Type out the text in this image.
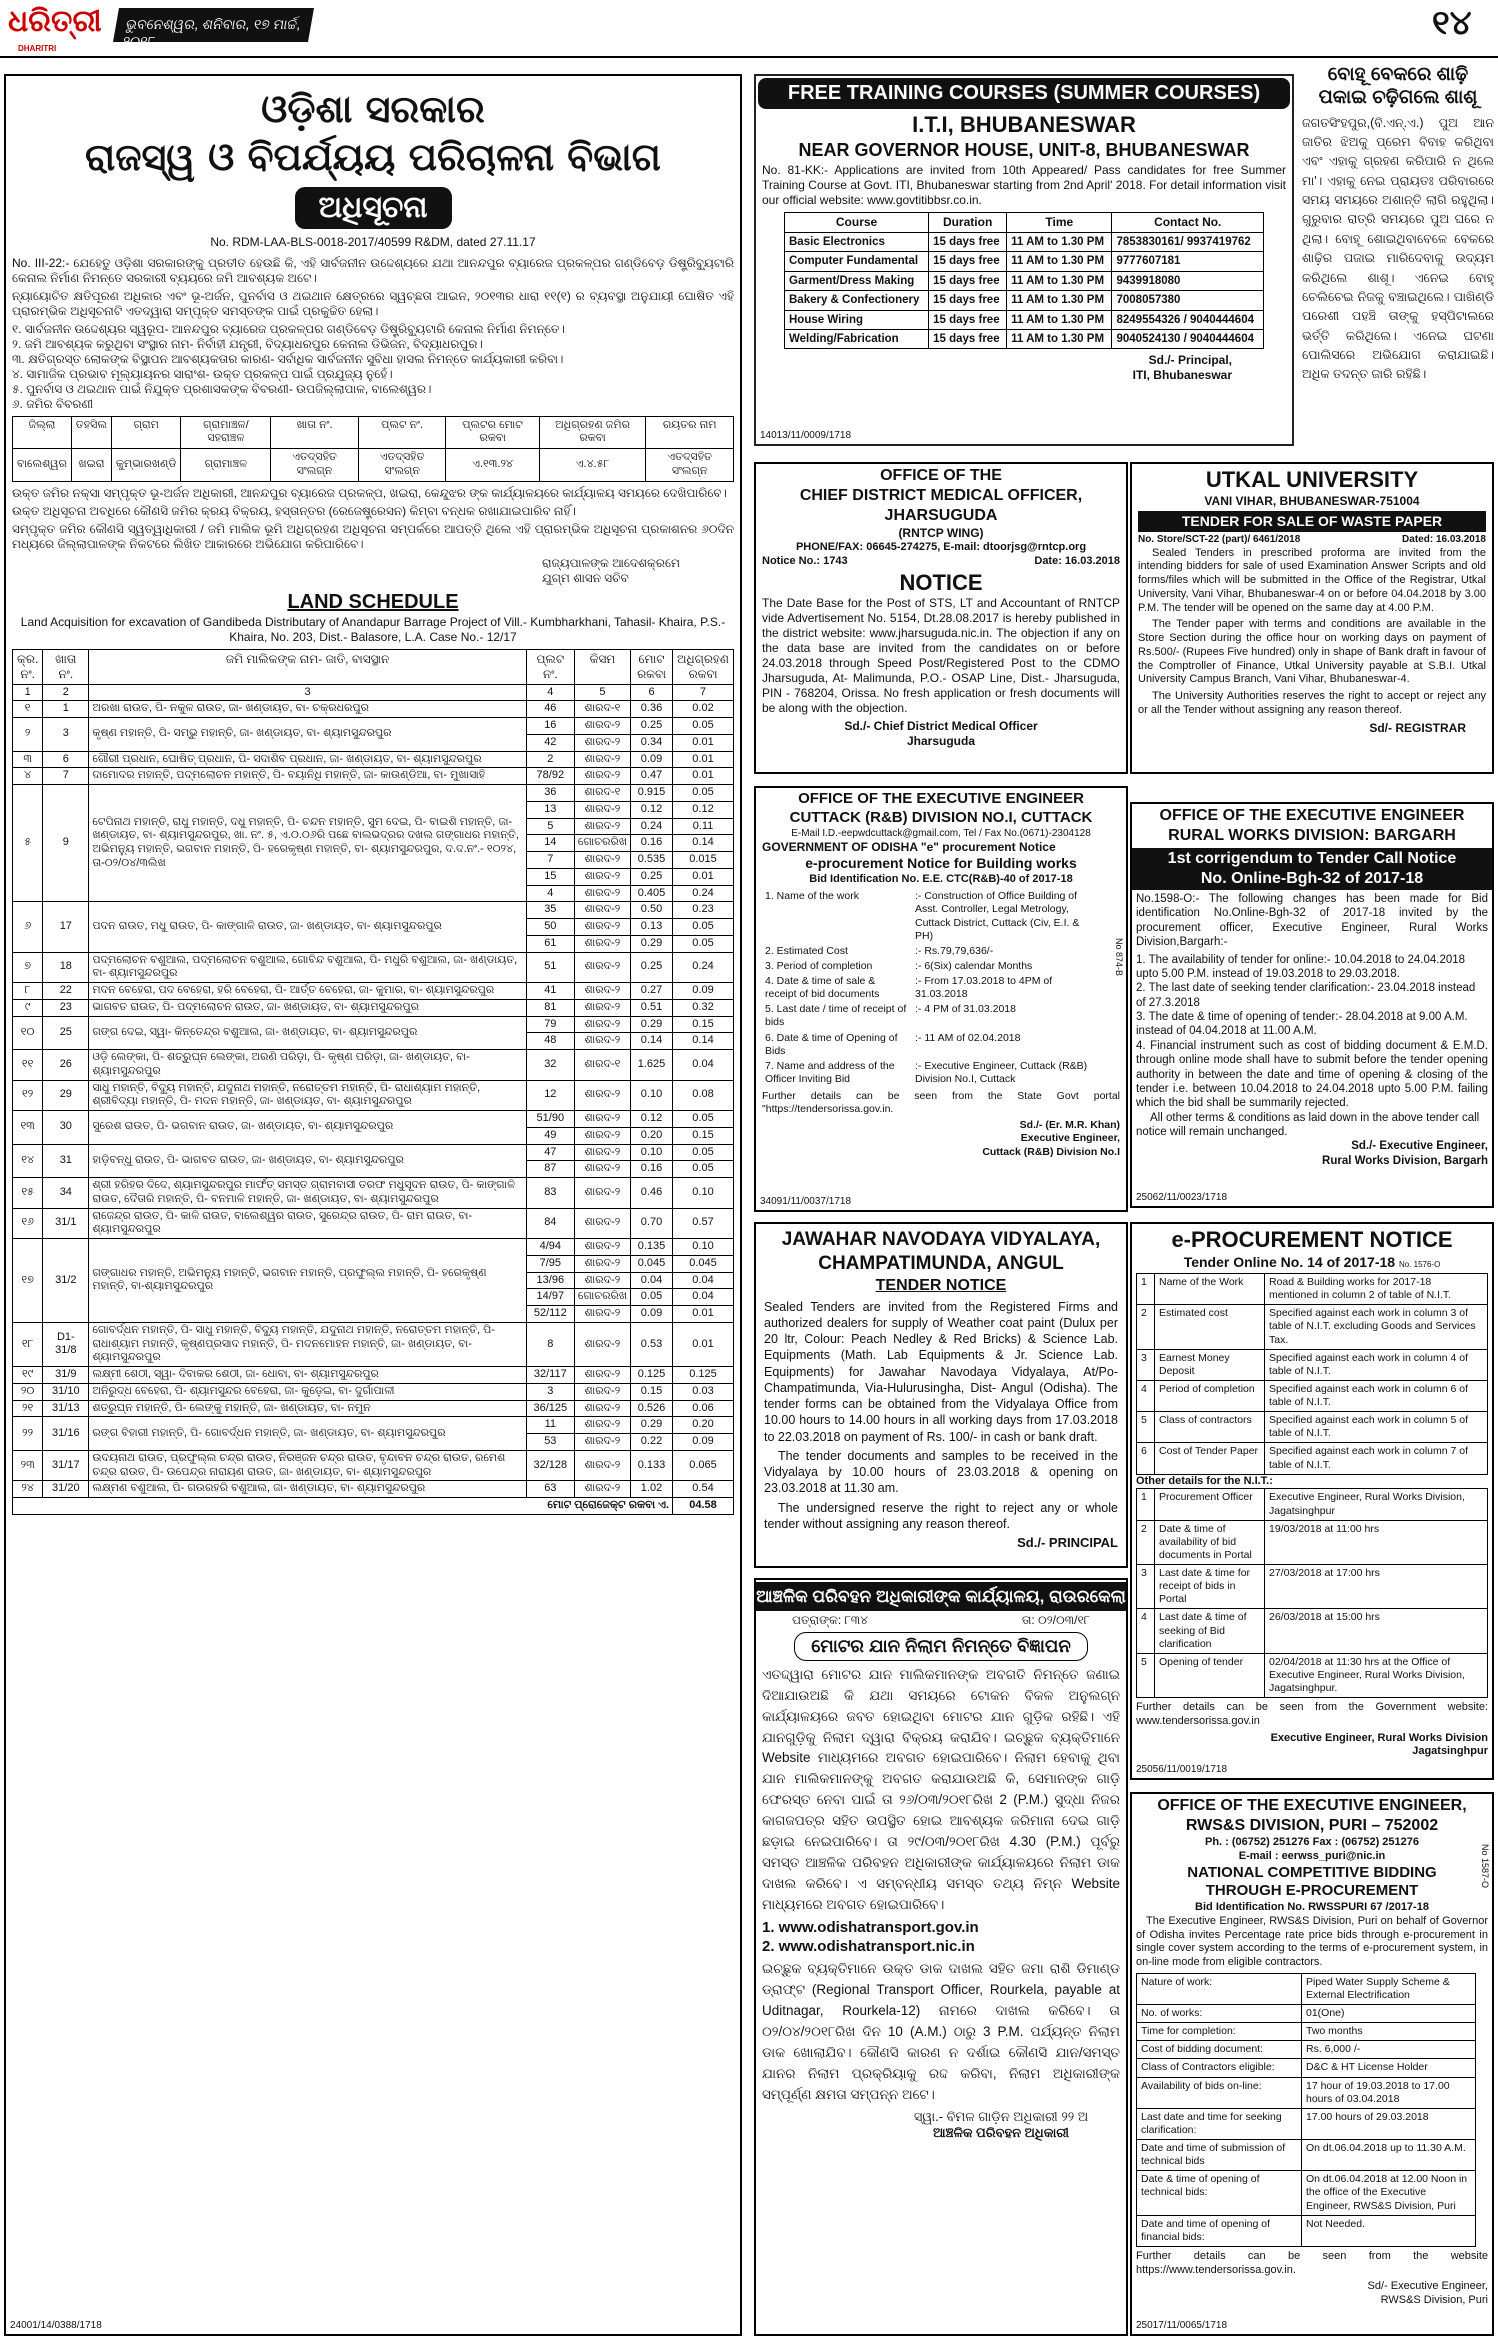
ଧରିତ୍ରୀ
DHARITRI
ଭୁବନେଶ୍ୱର, ଶନିବାର, ୧୭ ମାର୍ଚ୍ଚ, ୨୦୧୮	୧୪
ଓଡ଼ିଶା ସରକାର
ରାଜସ୍ୱ ଓ ବିପର୍ଯ୍ୟୟ ପରିଚାଳନା ବିଭାଗ
ଅଧିସୂଚନା
No. RDM-LAA-BLS-0018-2017/40599 R&DM, dated 27.11.17

No. III-22:- ଯେହେତୁ ଓଡ଼ିଶା ସରକାରଙ୍କୁ ପ୍ରତୀତ ହେଉଛି କି, ଏହି ସାର୍ବଜନୀନ ଉଦ୍ଦେଶ୍ୟରେ ଯଥା ଆନନ୍ଦପୁର ବ୍ୟାରେଜ ପ୍ରକଳ୍ପର ଗଣ୍ଡିବେଡ଼ ଡିଷ୍ଟ୍ରିବ୍ୟୁଟାରି କେନାଲ ନିର୍ମାଣ ନିମନ୍ତେ ସରକାରୀ ବ୍ୟୟରେ ଜମି ଆବଶ୍ୟକ ଅଟେ।

ନ୍ୟାୟୋଚିତ କ୍ଷତିପୂରଣ ଅଧିକାର ଏବଂ ଭୂ-ଅର୍ଜନ, ପୁନର୍ବାସ ଓ ଥଇଥାନ କ୍ଷେତ୍ରରେ ସ୍ୱଚ୍ଛତା ଆଇନ, ୨୦୧୩ର ଧାରା ୧୧(୧) ର ବ୍ୟବସ୍ଥା ଅନୁଯାୟୀ ଘୋଷିତ ଏହି ପ୍ରାରମ୍ଭିକ ଅଧିସୂଚନାଟି ଏତଦ୍ୱାରା ସମ୍ପୃକ୍ତ ସମସ୍ତଙ୍କ ପାଇଁ ପ୍ରକୁଚ୍ଚିତ ହେଲା।

୧. ସାର୍ବଜନୀନ ଉଦ୍ଦେଶ୍ୟର ସ୍ୱରୂପ- ଆନନ୍ଦପୁର ବ୍ୟାରେଜ ପ୍ରକଳ୍ପର ଗଣ୍ଡିବେଡ଼ ଡିଷ୍ଟ୍ରିବ୍ୟୁଟାରି କେନାଲ ନିର୍ମାଣ ନିମନ୍ତେ।
୨. ଜମି ଆବଶ୍ୟକ କରୁଥିବା ସଂସ୍ଥାର ନାମ- ନିର୍ବାହୀ ଯନ୍ତ୍ରୀ, ବିଦ୍ୟାଧରପୁର କେନାଲ ଡିଭିଜନ, ବିଦ୍ୟାଧରପୁର।
୩. କ୍ଷତିଗ୍ରସ୍ତ ଲୋକଙ୍କ ବିସ୍ଥାପନ ଆବଶ୍ୟକତାର କାରଣ- ସର୍ବାଧିକ ସାର୍ବଜନୀନ ସୁବିଧା ହାସଲ ନିମନ୍ତେ କାର୍ଯ୍ୟକାରୀ କରିବା।
୪. ସାମାଜିକ ପ୍ରଭାବ ମୂଲ୍ୟାୟନର ସାରାଂଶ- ଉକ୍ତ ପ୍ରକଳ୍ପ ପାଇଁ ପ୍ରଯୁଜ୍ୟ ନୁହେଁ।
୫. ପୁନର୍ବାସ ଓ ଥଇଥାନ ପାଇଁ ନିଯୁକ୍ତ ପ୍ରଶାସକଙ୍କ ବିବରଣୀ- ଉପଜିଲ୍ଲାପାଳ, ବାଲେଶ୍ୱର।
୬. ଜମିର ବିବରଣୀ
ଜିଲ୍ଲା	ତହସିଲ	ଗ୍ରାମ	ଗ୍ରାମାଞ୍ଚଳ/ ସହରାଞ୍ଚଳ	ଖାତା ନଂ.	ପ୍ଲଟ ନଂ.	ପ୍ଲଟର ମୋଟ ରକବା	ଅଧିଗ୍ରହଣ ଜମିର ରକବା	ରୟତର ନାମ
ବାଲେଶ୍ୱର	ଖଇରା	କୁମ୍ଭାରଖଣ୍ଡି	ଗ୍ରାମାଞ୍ଚଳ	ଏତଦ୍ସହିତ ସଂଲଗ୍ନ	ଏତଦ୍ସହିତ ସଂଲଗ୍ନ	ଏ.୧୩.୨୪	ଏ.୪.୫୮	ଏତଦ୍ସହିତ ସଂଲଗ୍ନ

ଉକ୍ତ ଜମିର ନକ୍ସା ସମ୍ପୃକ୍ତ ଭୂ-ଅର୍ଜନ ଅଧିକାରୀ, ଆନନ୍ଦପୁର ବ୍ୟାରେଜ ପ୍ରକଳ୍ପ, ଖଇରା, କେନ୍ଦୁଝର ଙ୍କ କାର୍ଯ୍ୟାଳୟରେ କାର୍ଯ୍ୟାଳୟ ସମୟରେ ଦେଖିପାରିବେ।

ଉକ୍ତ ଅଧିସୂଚନା ଅବଧିରେ କୌଣସି ଜମିର କ୍ରୟ ବିକ୍ରୟ, ହସ୍ତାନ୍ତର (ରେଜେଷ୍ଟ୍ରେସନ) କିମ୍ବା ବନ୍ଧକ ରଖାଯାଇପାରିବ ନାହିଁ।

ସମ୍ପୃକ୍ତ ଜମିର କୌଣସି ସ୍ୱତ୍ୱାଧିକାରୀ / ଜମି ମାଲିକ ଭୂମି ଅଧିଗ୍ରହଣ ଅଧିସୂଚନା ସମ୍ପର୍କରେ ଆପତ୍ତି ଥିଲେ ଏହି ପ୍ରାରମ୍ଭିକ ଅଧିସୂଚନା ପ୍ରକାଶନର ୬୦ଦିନ ମଧ୍ୟରେ ଜିଲ୍ଲାପାଳଙ୍କ ନିକଟରେ ଲିଖିତ ଆକାରରେ ଅଭିଯୋଗ କରିପାରିବେ।

ରାଜ୍ୟପାଳଙ୍କ ଆଦେଶକ୍ରମେ
ଯୁଗ୍ମ ଶାସନ ସଚିବ
LAND SCHEDULE
Land Acquisition for excavation of Gandibeda Distributary of Anandapur Barrage Project of Vill.- Kumbharkhani, Tahasil- Khaira, P.S.- Khaira, No. 203, Dist.- Balasore, L.A. Case No.- 12/17
କ୍ର. ନଂ.	ଖାତା ନଂ.	ଜମି ମାଲିକଙ୍କ ନାମ- ଜାତି, ବାସସ୍ଥାନ	ପ୍ଲଟ ନଂ.	କିସମ	ମୋଟ ରକବା	ଅଧିଗ୍ରହଣ ରକବା
1	2	3	4	5	6	7
୧	1	ଅରଖା ରାଉତ, ପି- ନକୁଳ ରାଉତ, ଜା- ଖଣ୍ଡାୟତ, ବା- ଚକ୍ରଧରପୁର	46	ଶାରଦ-୧	0.36	0.02
୨	3	କୃଷ୍ଣ ମହାନ୍ତି, ପି- ସମ୍ଭୁ ମହାନ୍ତି, ଜା- ଖଣ୍ଡାୟତ, ବା- ଶ୍ୟାମସୁନ୍ଦରପୁର	16	ଶାରଦ-୨	0.25	0.05
			42	ଶାରଦ-୨	0.34	0.01
୩	6	ଗୌରୀ ପ୍ରଧାନ, ଘୋଷିତ୍ ପ୍ରଧାନ, ପି- ସଦାଶିବ ପ୍ରଧାନ, ଜା- ଖଣ୍ଡାୟତ, ବା- ଶ୍ୟାମସୁନ୍ଦରପୁର	2	ଶାରଦ-୨	0.09	0.01
୪	7	ଦାମୋଦର ମହାନ୍ତି, ପଦ୍ମଲୋଚନ ମହାନ୍ତି, ପି- ବୟାନିଧି ମହାନ୍ତି, ଜା- କାଉଣ୍ଡିଆ, ବା- ମୁଖାସାହି	78/92	ଶାରଦ-୨	0.47	0.01
୫	9	ଟେପିନାଥ ମହାନ୍ତି, ରାଧୁ ମହାନ୍ତି, ଦଧୁ ମହାନ୍ତି, ପି- ଚନ୍ଦନ ମହାନ୍ତି, ସୁମ ଦେଇ, ପି- ବାଇଶି ମହାନ୍ତି, ଜା- ଖଣ୍ଡାୟତ, ବା- ଶ୍ୟାମସୁନ୍ଦରପୁର, ଖା. ନଂ. ୫, ଏ.୦.୦୬ରି ପଛେ ବାଲଭଦ୍ରର ଦଖଲ ଗଙ୍ଗାଧର ମହାନ୍ତି, ଅଭିମନ୍ୟୁ ମହାନ୍ତି, ଭଗବାନ ମହାନ୍ତି, ପି- ହରେକୃଷ୍ଣ ମହାନ୍ତି, ବା- ଶ୍ୟାମସୁନ୍ଦରପୁର, ଦ.ଦ.ନଂ.- ୧୦୨୪, ତା-୦୨/୦୪/୩ଲିଖ	36	ଶାରଦ-୧	0.915	0.05
			13	ଶାରଦ-୨	0.12	0.12
			5	ଶାରଦ-୨	0.24	0.11
			14	ଗୋଚରରିଖ	0.16	0.14
			7	ଶାରଦ-୨	0.535	0.015
			15	ଶାରଦ-୨	0.25	0.01
			4	ଶାରଦ-୨	0.405	0.24
୬	17	ପଦନ ରାଉତ, ମଧୁ ରାଉତ, ପି- କାଙ୍ଗାଳି ରାଉତ, ଜା- ଖଣ୍ଡାୟତ, ବା- ଶ୍ୟାମସୁନ୍ଦରପୁର	35	ଶାରଦ-୨	0.50	0.23
			50	ଶାରଦ-୨	0.13	0.05
			61	ଶାରଦ-୨	0.29	0.05
୭	18	ପଦ୍ମଲୋଚନ ବଶୁଆଲ, ପଦ୍ମଲୋଚନ ବଶୁଆଲ, ଗୋବିନ୍ଦ ବଶୁଆଲ, ପି- ମଧୁରି ବଶୁଆଲ, ଜା- ଖଣ୍ଡାୟତ, ବା- ଶ୍ୟାମସୁନ୍ଦରପୁର	51	ଶାରଦ-୨	0.25	0.24
୮	22	ମଦନ ବେହେରା, ପଦ ବେହେରା, ହରି ବେହେରା, ପି- ଆର୍ତ୍ତ ବେହେରା, ଜା- କୁମାର, ବା- ଶ୍ୟାମସୁନ୍ଦରପୁର	41	ଶାରଦ-୨	0.27	0.09
୯	23	ଭାଗବତ ରାଉତ, ପି- ପଦ୍ମଲୋଚନ ରାଉତ, ଜା- ଖଣ୍ଡାୟତ, ବା- ଶ୍ୟାମସୁନ୍ଦରପୁର	81	ଶାରଦ-୨	0.51	0.32
୧୦	25	ଗଙ୍ଗ ଦେଇ, ସ୍ୱା- କିନ୍ତେନ୍ଦ୍ର ବଶୁଆଲ, ଜା- ଖଣ୍ଡାୟତ, ବା- ଶ୍ୟାମସୁନ୍ଦରପୁର	79	ଶାରଦ-୨	0.29	0.15
			48	ଶାରଦ-୨	0.14	0.14
୧୧	26	ଓଡ଼ି ଲେଙ୍କା, ପି- ଶତ୍ରୁଘ୍ନ ଲେଙ୍କା, ଅରଣି ପରିଡ଼ା, ପି- କୃଷ୍ଣ ପରିଡ଼ା, ଜା- ଖଣ୍ଡାୟତ, ବା- ଶ୍ୟାମସୁନ୍ଦରପୁର	32	ଶାରଦ-୧	1.625	0.04
୧୨	29	ସାଧୁ ମହାନ୍ତି, ବିଦ୍ୟୁ ମହାନ୍ତି, ଯଦୁନାଥ ମହାନ୍ତି, ନରୋତ୍ତମ ମହାନ୍ତି, ପି- ରାଧାଶ୍ୟାମ ମହାନ୍ତି, ଶ୍ରୀବିଦ୍ୟା ମହାନ୍ତି, ପି- ମଦନ ମହାନ୍ତି, ଜା- ଖଣ୍ଡାୟତ, ବା- ଶ୍ୟାମସୁନ୍ଦରପୁର	12	ଶାରଦ-୨	0.10	0.08
୧୩	30	ସୁରେଶ ରାଉତ, ପି- ଭଗବାନ ରାଉତ, ଜା- ଖଣ୍ଡାୟତ, ବା- ଶ୍ୟାମସୁନ୍ଦରପୁର	51/90	ଶାରଦ-୨	0.12	0.05
			49	ଶାରଦ-୨	0.20	0.15
୧୪	31	ହାଡ଼ିବନ୍ଧୁ ରାଉତ, ପି- ଭାଗବତ ରାଉତ, ଜା- ଖଣ୍ଡାୟତ, ବା- ଶ୍ୟାମସୁନ୍ଦରପୁର	47	ଶାରଦ-୨	0.10	0.05
			87	ଶାରଦ-୨	0.16	0.05
୧୫	34	ଶ୍ରୀ ହରିହର ଦିଦେ, ଶ୍ୟାମସୁନ୍ଦରପୁର ମାର୍ଫତ୍ ସମସ୍ତ ଗ୍ରାମବାସୀ ତରଫ ମଧୁସୂଦନ ରାଉତ, ପି- କାଙ୍ଗାଳି ରାଉତ, ଦୈତାରି ମହାନ୍ତି, ପି- ବନମାଳି ମହାନ୍ତି, ଜା- ଖଣ୍ଡାୟତ, ବା- ଶ୍ୟାମସୁନ୍ଦରପୁର	83	ଶାରଦ-୨	0.46	0.10
୧୬	31/1	ରାଜେନ୍ଦ୍ର ରାଉତ, ପି- କାଳି ରାଉତ, ବାଲେଶ୍ୱର ରାଉତ, ସୁରେନ୍ଦ୍ର ରାଉତ, ପି- ରାମ ରାଉତ, ବା- ଶ୍ୟାମସୁନ୍ଦରପୁର	84	ଶାରଦ-୨	0.70	0.57
୧୭	31/2	ଗଙ୍ଗାଧର ମହାନ୍ତି, ଅଭିମନ୍ୟୁ ମହାନ୍ତି, ଭଗବାନ ମହାନ୍ତି, ପ୍ରଫୁଲ୍ଲ ମହାନ୍ତି, ପି- ହରେକୃଷ୍ଣ ମହାନ୍ତି, ବା-ଶ୍ୟାମସୁନ୍ଦରପୁର	4/94	ଶାରଦ-୨	0.135	0.10
			7/95	ଶାରଦ-୨	0.045	0.045
			13/96	ଶାରଦ-୨	0.04	0.04
			14/97	ଗୋଚରରିଖ	0.05	0.04
			52/112	ଶାରଦ-୨	0.09	0.01
୧୮	D1-31/8	ଗୋବର୍ଦ୍ଧନ ମହାନ୍ତି, ପି- ସାଧୁ ମହାନ୍ତି, ବିଦ୍ୟୁ ମହାନ୍ତି, ଯଦୁନାଥ ମହାନ୍ତି, ନରୋତ୍ତମ ମହାନ୍ତି, ପି- ରାଧାଶ୍ୟାମ ମହାନ୍ତି, କୃଷ୍ଣପ୍ରସାଦ ମହାନ୍ତି, ପି- ମଦନମୋହନ ମହାନ୍ତି, ଜା- ଖଣ୍ଡାୟତ, ବା- ଶ୍ୟାମସୁନ୍ଦରପୁର	8	ଶାରଦ-୨	0.53	0.01
୧୯	31/9	ଲକ୍ଷ୍ମୀ ଶେଠୀ, ସ୍ୱା- ଦିବାକର ଶେଠୀ, ଜା- ଧୋବା, ବା- ଶ୍ୟାମସୁନ୍ଦରପୁର	32/117	ଶାରଦ-୨	0.125	0.125
୨୦	31/10	ଅନିରୁଦ୍ଧ ବେହେରା, ପି- ଶ୍ୟାମସୁନ୍ଦର ବେହେରା, ଜା- କୁଡ଼େଇ, ବା- ଦୁର୍ଗାପାଳୀ	3	ଶାରଦ-୨	0.15	0.03
୨୧	31/13	ଶତ୍ରୁଘ୍ନ ମହାନ୍ତି, ପି- ଲେଙ୍କୁ ମହାନ୍ତି, ଜା- ଖଣ୍ଡାୟତ, ବା- ନମୁନ	36/125	ଶାରଦ-୨	0.526	0.06
୨୨	31/16	ରଙ୍ଗ ବିହାରୀ ମହାନ୍ତି, ପି- ଗୋବର୍ଦ୍ଧନ ମହାନ୍ତି, ଜା- ଖଣ୍ଡାୟତ, ବା- ଶ୍ୟାମସୁନ୍ଦରପୁର	11	ଶାରଦ-୨	0.29	0.20
			53	ଶାରଦ-୨	0.22	0.09
୨୩	31/17	ଉଦୟନାଥ ରାଉତ, ପ୍ରଫୁଲ୍ଲ ଚନ୍ଦ୍ର ରାଉତ, ନିରଞ୍ଜନ ଚନ୍ଦ୍ର ରାଉତ, ବୃନ୍ଦାବନ ଚନ୍ଦ୍ର ରାଉତ, ରମେଶ ଚନ୍ଦ୍ର ରାଉତ, ପି- ଉପେନ୍ଦ୍ର ନାରାୟଣ ରାଉତ, ଜା- ଖଣ୍ଡାୟତ, ବା- ଶ୍ୟାମସୁନ୍ଦରପୁର	32/128	ଶାରଦ-୨	0.133	0.065
୨୪	31/20	ଲକ୍ଷ୍ମଣ ବଶୁଆଲ, ପି- ଗଉରହରି ବଶୁଆଲ, ଜା- ଖଣ୍ଡାୟତ, ବା- ଶ୍ୟାମସୁନ୍ଦରପୁର	63	ଶାରଦ-୨	1.02	0.54
ମୋଟ ପ୍ରୋଜେକ୍ଟ ରକବା ଏ.						04.58
24001/14/0388/1718
FREE TRAINING COURSES (SUMMER COURSES)
I.T.I, BHUBANESWAR
NEAR GOVERNOR HOUSE, UNIT-8, BHUBANESWAR

No. 81-KK:- Applications are invited from 10th Appeared/ Pass candidates for free Summer Training Course at Govt. ITI, Bhubaneswar starting from 2nd April' 2018. For detail information visit our official website: www.govtitibbsr.co.in.

Course	Duration	Time	Contact No.
Basic Electronics	15 days free	11 AM to 1.30 PM	7853830161/ 9937419762
Computer Fundamental	15 days free	11 AM to 1.30 PM	9777607181
Garment/Dress Making	15 days free	11 AM to 1.30 PM	9439918080
Bakery & Confectionery	15 days free	11 AM to 1.30 PM	7008057380
House Wiring	15 days free	11 AM to 1.30 PM	8249554326 / 9040444604
Welding/Fabrication	15 days free	11 AM to 1.30 PM	9040524130 / 9040444604
Sd./- Principal,
ITI, Bhubaneswar
14013/11/0009/1718
ବୋହୂ ବେକରେ ଶାଢ଼ି ପକାଇ ଚଢ଼ିଗଲେ ଶାଶୂ
ଜଗତସିଂହପୁର,(ବି.ଏନ୍.ଏ.) ପୁଅ ଆନ ଜାତିର ଝିଅକୁ ପ୍ରେମ ବିବାହ କରିଥିବା ଏବଂ ଏହାକୁ ଗ୍ରହଣ କରିପାରି ନ ଥିଲେ ମା'। ଏହାକୁ ନେଇ ପ୍ରାୟତଃ ପରିବାରରେ ସମୟ ସମୟରେ ଅଶାନ୍ତି ଲାଗି ରହୁଥିଲା। ଗୁରୁବାର ରାତ୍ରି ସମୟରେ ପୁଅ ଘରେ ନ ଥିଲା। ବୋହୂ ଶୋଇଥିବାବେଳେ ବେକରେ ଶାଢ଼ିର ପଜାଇ ମାରିଦେବାକୁ ଉଦ୍ୟମ କରିଥିଲେ ଶାଶୂ। ଏନେଇ ବୋହୂ ଚେଲିଚେଇ ନିଜକୁ ବଞ୍ଚାଇଥିଲେ। ପାଖିଣ୍ଡି ପରେଶୀ ପହଞ୍ଚି ତାଙ୍କୁ ହସ୍ପିଟାଲରେ ଭର୍ତ୍ତି କରିଥିଲେ। ଏନେଇ ଘଟଣା ପୋଲିସରେ ଅଭିଯୋଗ କରାଯାଇଛି। ଅଧିକ ତଦନ୍ତ ଜାରି ରହିଛି।
OFFICE OF THE
CHIEF DISTRICT MEDICAL OFFICER, JHARSUGUDA
(RNTCP WING)
PHONE/FAX: 06645-274275, E-mail: dtoorjsg@rntcp.org
Notice No.: 1743	Date: 16.03.2018
NOTICE

The Date Base for the Post of STS, LT and Accountant of RNTCP vide Advertisement No. 5154, Dt.28.08.2017 is hereby published in the district website: www.jharsuguda.nic.in. The objection if any on the data base are invited from the candidates on or before 24.03.2018 through Speed Post/Registered Post to the CDMO Jharsuguda, At- Malimunda, P.O.- OSAP Line, Dist.- Jharsuguda, PIN - 768204, Orissa. No fresh application or fresh documents will be along with the objection.

Sd./- Chief District Medical Officer
Jharsuguda
UTKAL UNIVERSITY
VANI VIHAR, BHUBANESWAR-751004
TENDER FOR SALE OF WASTE PAPER
No. Store/SCT-22 (part)/ 6461/2018	Dated: 16.03.2018

Sealed Tenders in prescribed proforma are invited from the intending bidders for sale of used Examination Answer Scripts and old forms/files which will be submitted in the Office of the Registrar, Utkal University, Vani Vihar, Bhubaneswar-4 on or before 04.04.2018 by 3.00 P.M. The tender will be opened on the same day at 4.00 P.M.

The Tender paper with terms and conditions are available in the Store Section during the office hour on working days on payment of Rs.500/- (Rupees Five hundred) only in shape of Bank draft in favour of the Comptroller of Finance, Utkal University payable at S.B.I. Utkal University Campus Branch, Vani Vihar, Bhubaneswar-4.

The University Authorities reserves the right to accept or reject any or all the Tender without assigning any reason thereof.

Sd/- REGISTRAR
OFFICE OF THE EXECUTIVE ENGINEER
CUTTACK (R&B) DIVISION NO.I, CUTTACK
E-Mail I.D.-eepwdcuttack@gmail.com, Tel / Fax No.(0671)-2304128
GOVERNMENT OF ODISHA "e" procurement Notice
e-procurement Notice for Building works
Bid Identification No. E.E. CTC(R&B)-40 of 2017-18
1. Name of the work	:- Construction of Office Building of Asst. Controller, Legal Metrology, Cuttack District, Cuttack (Civ, E.I. & PH)
2. Estimated Cost	:- Rs.79,79,636/-
3. Period of completion	:- 6(Six) calendar Months
4. Date & time of sale & receipt of bid documents	:- From 17.03.2018 to 4PM of 31.03.2018
5. Last date / time of receipt of bids	:- 4 PM of 31.03.2018
6. Date & time of Opening of Bids	:- 11 AM of 02.04.2018
7. Name and address of the Officer Inviting Bid	:- Executive Engineer, Cuttack (R&B) Division No.I, Cuttack

Further details can be seen from the State Govt portal "https://tendersorissa.gov.in.

Sd./- (Er. M.R. Khan)
Executive Engineer,
Cuttack (R&B) Division No.I
34091/11/0037/1718
No 874-B
JAWAHAR NAVODAYA VIDYALAYA,
CHAMPATIMUNDA, ANGUL
TENDER NOTICE

Sealed Tenders are invited from the Registered Firms and authorized dealers for supply of Weather coat paint (Dulux per 20 ltr, Colour: Peach Nedley & Red Bricks) & Science Lab. Equipments (Math. Lab Equipments & Jr. Science Lab. Equipments) for Jawahar Navodaya Vidyalaya, At/Po- Champatimunda, Via-Hulurusingha, Dist- Angul (Odisha). The tender forms can be obtained from the Vidyalaya Office from 10.00 hours to 14.00 hours in all working days from 17.03.2018 to 22.03.2018 on payment of Rs. 100/- in cash or bank draft.

The tender documents and samples to be received in the Vidyalaya by 10.00 hours of 23.03.2018 & opening on 23.03.2018 at 11.30 am.

The undersigned reserve the right to reject any or whole tender without assigning any reason thereof.

Sd./- PRINCIPAL
ଆଞ୍ଚଳିକ ପରିବହନ ଅଧିକାରୀଙ୍କ କାର୍ଯ୍ୟାଳୟ, ରାଉରକେଲା
ପତ୍ରାଙ୍କ: ୮୩୪	ତା: ୦୨/୦୩/୧୮
ମୋଟର ଯାନ ନିଲାମ ନିମନ୍ତେ ବିଜ୍ଞାପନ

ଏତଦ୍ଦ୍ୱାରା ମୋଟର ଯାନ ମାଲିକମାନଙ୍କ ଅବଗତି ନିମନ୍ତେ ଜଣାଇ ଦିଆଯାଉଅଛି କି ଯଥା ସମୟରେ ଟୋକନ ବିକଳ ଅନୁଲଗ୍ନ କାର୍ଯ୍ୟାଳୟରେ ଜବତ ହୋଇଥିବା ମୋଟର ଯାନ ଗୁଡ଼ିକ ରହିଛି। ଏହି ଯାନଗୁଡ଼ିକୁ ନିଲାମ ଦ୍ୱାରା ବିକ୍ରୟ କରାଯିବ। ଇଚ୍ଛୁକ ବ୍ୟକ୍ତିମାନେ Website ମାଧ୍ୟମରେ ଅବଗତ ହୋଇପାରିବେ। ନିଲାମ ହେବାକୁ ଥିବା ଯାନ ମାଲିକମାନଙ୍କୁ ଅବଗତ କରାଯାଉଅଛି କି, ସେମାନଙ୍କ ଗାଡ଼ି ଫେରସ୍ତ ନେବା ପାଇଁ ତା ୨୬/୦୩/୨୦୧୮ରିଖ 2 (P.M.) ସୁଦ୍ଧା ନିଜର କାଗଜପତ୍ର ସହିତ ଉପସ୍ଥିତ ହୋଇ ଆବଶ୍ୟକ ଜରିମାନା ଦେଇ ଗାଡ଼ି ଛଡ଼ାଇ ନେଇପାରିବେ। ତା ୨୯/୦୩/୨୦୧୮ରିଖ 4.30 (P.M.) ପୂର୍ବରୁ ସମସ୍ତ ଆଞ୍ଚଳିକ ପରିବହନ ଅଧିକାରୀଙ୍କ କାର୍ଯ୍ୟାଳୟରେ ନିଲାମ ଡାକ ଦାଖଲ କରିବେ। ଏ ସମ୍ବନ୍ଧୀୟ ସମସ୍ତ ତଥ୍ୟ ନିମ୍ନ Website ମାଧ୍ୟମରେ ଅବଗତ ହୋଇପାରିବେ।

1. www.odishatransport.gov.in
2. www.odishatransport.nic.in

ଇଚ୍ଛୁକ ବ୍ୟକ୍ତିମାନେ ଉକ୍ତ ଡାକ ଦାଖଲ ସହିତ ଜମା ରାଶି ଡିମାଣ୍ଡ ଡ୍ରାଫ୍ଟ (Regional Transport Officer, Rourkela, payable at Uditnagar, Rourkela-12) ନାମରେ ଦାଖଲ କରିବେ। ତା ୦୨/୦୪/୨୦୧୮ରିଖ ଦିନ 10 (A.M.) ଠାରୁ 3 P.M. ପର୍ଯ୍ୟନ୍ତ ନିଲାମ ଡାକ ଖୋଲାଯିବ। କୌଣସି କାରଣ ନ ଦର୍ଶାଇ କୌଣସି ଯାନ/ସମସ୍ତ ଯାନର ନିଲାମ ପ୍ରକ୍ରିୟାକୁ ରଦ୍ଦ କରିବା, ନିଲାମ ଅଧିକାରୀଙ୍କ ସମ୍ପୂର୍ଣ୍ଣ କ୍ଷମତା ସମ୍ପନ୍ନ ଅଟେ।

ସ୍ୱା.- ବିମଳ ଗାଡ଼ିନ ଅଧିକାରୀ ୨୨ ଅ
ଆଞ୍ଚଳିକ ପରିବହନ ଅଧିକାରୀ
OFFICE OF THE EXECUTIVE ENGINEER
RURAL WORKS DIVISION: BARGARH
1st corrigendum to Tender Call Notice
No. Online-Bgh-32 of 2017-18

No.1598-O:- The following changes has been made for Bid identification No.Online-Bgh-32 of 2017-18 invited by the procurement officer, Executive Engineer, Rural Works Division,Bargarh:-

1. The availability of tender for online:- 10.04.2018 to 24.04.2018 upto 5.00 P.M. instead of 19.03.2018 to 29.03.2018.
2. The last date of seeking tender clarification:- 23.04.2018 instead of 27.3.2018
3. The date & time of opening of tender:- 28.04.2018 at 9.00 A.M. instead of 04.04.2018 at 11.00 A.M.
4. Financial instrument such as cost of bidding document & E.M.D. through online mode shall have to submit before the tender opening authority in between the date and time of opening & closing of the tender i.e. between 10.04.2018 to 24.04.2018 upto 5.00 P.M. failing which the bid shall be summarily rejected.
All other terms & conditions as laid down in the above tender call notice will remain unchanged.
Sd./- Executive Engineer,
Rural Works Division, Bargarh
25062/11/0023/1718
e-PROCUREMENT NOTICE
Tender Online No. 14 of 2017-18 No. 1576-O
1	Name of the Work	Road & Building works for 2017-18 mentioned in column 2 of table of N.I.T.
2	Estimated cost	Specified against each work in column 3 of table of N.I.T. excluding Goods and Services Tax.
3	Earnest Money Deposit	Specified against each work in column 4 of table of N.I.T.
4	Period of completion	Specified against each work in column 6 of table of N.I.T.
5	Class of contractors	Specified against each work in column 5 of table of N.I.T.
6	Cost of Tender Paper	Specified against each work in column 7 of table of N.I.T.
Other details for the N.I.T.:
1	Procurement Officer	Executive Engineer, Rural Works Division, Jagatsinghpur
2	Date & time of availability of bid documents in Portal	19/03/2018 at 11:00 hrs
3	Last date & time for receipt of bids in Portal	27/03/2018 at 17:00 hrs
4	Last date & time of seeking of Bid clarification	26/03/2018 at 15:00 hrs
5	Opening of tender	02/04/2018 at 11:30 hrs at the Office of Executive Engineer, Rural Works Division, Jagatsinghpur.

Further details can be seen from the Government website: www.tendersorissa.gov.in

Executive Engineer, Rural Works Division
Jagatsinghpur
25056/11/0019/1718
OFFICE OF THE EXECUTIVE ENGINEER,
RWS&S DIVISION, PURI – 752002
Ph. : (06752) 251276 Fax : (06752) 251276
E-mail : eerwss_puri@nic.in
NATIONAL COMPETITIVE BIDDING
THROUGH E-PROCUREMENT
Bid Identification No. RWSSPURI 67 /2017-18

The Executive Engineer, RWS&S Division, Puri on behalf of Governor of Odisha invites Percentage rate price bids through e-procurement in single cover system according to the terms of e-procurement system, in on-line mode from eligible contractors.

Nature of work:	Piped Water Supply Scheme & External Electrification
No. of works:	01(One)
Time for completion:	Two months
Cost of bidding document:	Rs. 6,000 /-
Class of Contractors eligible:	D&C & HT License Holder
Availability of bids on-line:	17 hour of 19.03.2018 to 17.00 hours of 03.04.2018
Last date and time for seeking clarification:	17.00 hours of 29.03.2018
Date and time of submission of technical bids	On dt.06.04.2018 up to 11.30 A.M.
Date & time of opening of technical bids:	On dt.06.04.2018 at 12.00 Noon in the office of the Executive Engineer, RWS&S Division, Puri
Date and time of opening of financial bids:	Not Needed.

Further details can be seen from the website https://www.tendersorissa.gov.in.

Sd/- Executive Engineer,
RWS&S Division, Puri
25017/11/0065/1718
No 1587-O
